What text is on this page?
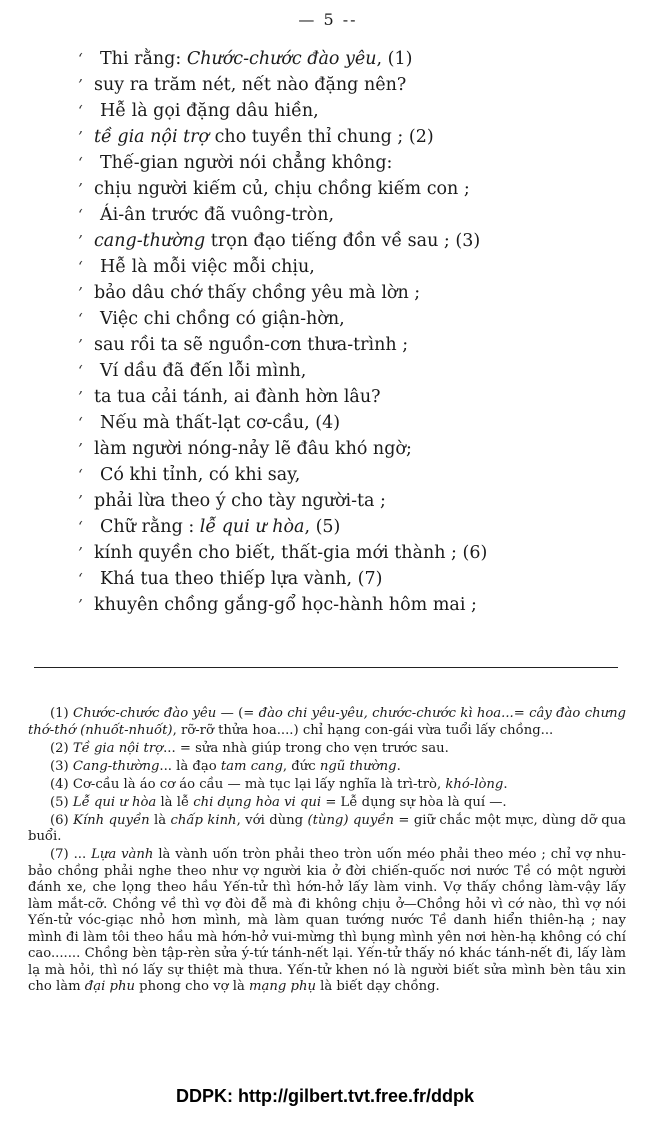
— 5 --
ʻ Thi rằng: Chước-chước đào yêu, (1)
’ suy ra trăm nét, nết nào đặng nên?
ʻ Hễ là gọi đặng dâu hiền,
’ tề gia nội trợ cho tuyền thỉ chung ; (2)
ʻ Thế-gian người nói chẳng không:
’ chịu người kiếm củ, chịu chồng kiếm con ;
ʻ Ái-ân trước đã vuông-tròn,
’ cang-thường trọn đạo tiếng đồn về sau ; (3)
ʻ Hễ là mỗi việc mỗi chịu,
’ bảo dâu chớ thấy chồng yêu mà lờn ;
ʻ Việc chi chồng có giận-hờn,
’ sau rồi ta sẽ nguồn-cơn thưa-trình ;
ʻ Ví dầu đã đến lỗi mình,
’ ta tua cải tánh, ai đành hờn lâu?
ʻ Nếu mà thất-lạt cơ-cầu, (4)
’ làm người nóng-nảy lẽ đâu khó ngờ;
ʻ Có khi tỉnh, có khi say,
’ phải lừa theo ý cho tày người-ta ;
ʻ Chữ rằng : lễ qui ư hòa, (5)
’ kính quyền cho biết, thất-gia mới thành ; (6)
ʻ Khá tua theo thiếp lựa vành, (7)
’ khuyên chồng gắng-gổ học-hành hôm mai ;

(1) Chước-chước đào yêu — (= đào chi yêu-yêu, chước-chước kì hoa...= cây đào chưng thớ-thớ (nhuốt-nhuốt), rỡ-rỡ thửa hoa....) chỉ hạng con-gái vừa tuổi lấy chồng...

(2) Tề gia nội trợ... = sửa nhà giúp trong cho vẹn trước sau.

(3) Cang-thường... là đạo tam cang, đức ngũ thường.

(4) Cơ-cầu là áo cơ áo cầu — mà tục lại lấy nghĩa là trì-trò, khó-lòng.

(5) Lễ qui ư hòa là lễ chi dụng hòa vi qui = Lễ dụng sự hòa là quí —.

(6) Kính quyền là chấp kinh, với dùng (tùng) quyền = giữ chắc một mực, dùng dỡ qua buổi.

(7) ... Lựa vành là vành uốn tròn phải theo tròn uốn méo phải theo méo ; chỉ vợ nhu-bảo chồng phải nghe theo như vợ người kia ở đời chiến-quốc nơi nước Tề có một người đánh xe, che lọng theo hầu Yến-tử thì hớn-hở lấy làm vinh. Vợ thấy chồng làm-vậy lấy làm mắt-cỡ. Chồng về thì vợ đòi đễ mà đi không chịu ở—Chồng hỏi vì cớ nào, thì vợ nói Yến-tử vóc-giạc nhỏ hơn mình, mà làm quan tướng nước Tề danh hiển thiên-hạ ; nay mình đi làm tôi theo hầu mà hớn-hở vui-mừng thì bụng mình yên nơi hèn-hạ không có chí cao....... Chồng bèn tập-rèn sửa ý-tứ tánh-nết lại. Yến-tử thấy nó khác tánh-nết đi, lấy làm lạ mà hỏi, thì nó lấy sự thiệt mà thưa. Yến-tử khen nó là người biết sửa mình bèn tâu xin cho làm đại phu phong cho vợ là mạng phụ là biết dạy chồng.

DDPK: http://gilbert.tvt.free.fr/ddpk
